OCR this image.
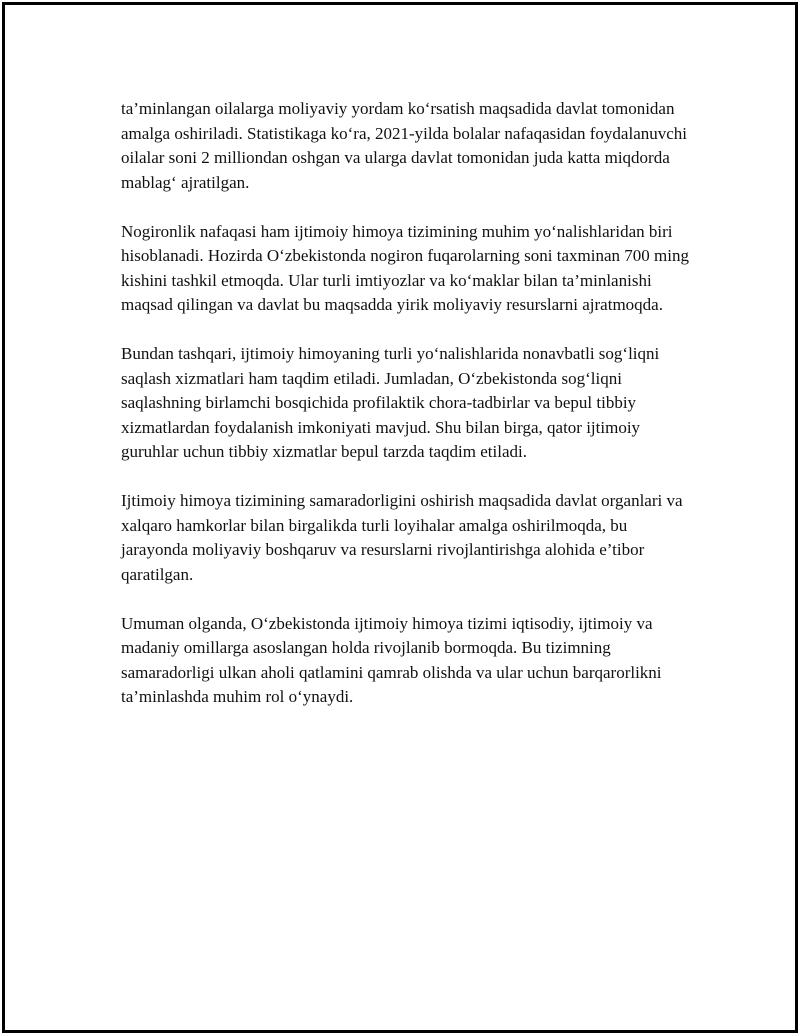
ta’minlangan oilalarga moliyaviy yordam ko‘rsatish maqsadida davlat tomonidan amalga oshiriladi. Statistikaga ko‘ra, 2021-yilda bolalar nafaqasidan foydalanuvchi oilalar soni 2 milliondan oshgan va ularga davlat tomonidan juda katta miqdorda mablag‘ ajratilgan.

Nogironlik nafaqasi ham ijtimoiy himoya tizimining muhim yo‘nalishlaridan biri hisoblanadi. Hozirda O‘zbekistonda nogiron fuqarolarning soni taxminan 700 ming kishini tashkil etmoqda. Ular turli imtiyozlar va ko‘maklar bilan ta’minlanishi maqsad qilingan va davlat bu maqsadda yirik moliyaviy resurslarni ajratmoqda.

Bundan tashqari, ijtimoiy himoyaning turli yo‘nalishlarida nonavbatli sog‘liqni saqlash xizmatlari ham taqdim etiladi. Jumladan, O‘zbekistonda sog‘liqni saqlashning birlamchi bosqichida profilaktik chora-tadbirlar va bepul tibbiy xizmatlardan foydalanish imkoniyati mavjud. Shu bilan birga, qator ijtimoiy guruhlar uchun tibbiy xizmatlar bepul tarzda taqdim etiladi.

Ijtimoiy himoya tizimining samaradorligini oshirish maqsadida davlat organlari va xalqaro hamkorlar bilan birgalikda turli loyihalar amalga oshirilmoqda, bu jarayonda moliyaviy boshqaruv va resurslarni rivojlantirishga alohida e’tibor qaratilgan.

Umuman olganda, O‘zbekistonda ijtimoiy himoya tizimi iqtisodiy, ijtimoiy va madaniy omillarga asoslangan holda rivojlanib bormoqda. Bu tizimning samaradorligi ulkan aholi qatlamini qamrab olishda va ular uchun barqarorlikni ta’minlashda muhim rol o‘ynaydi.
